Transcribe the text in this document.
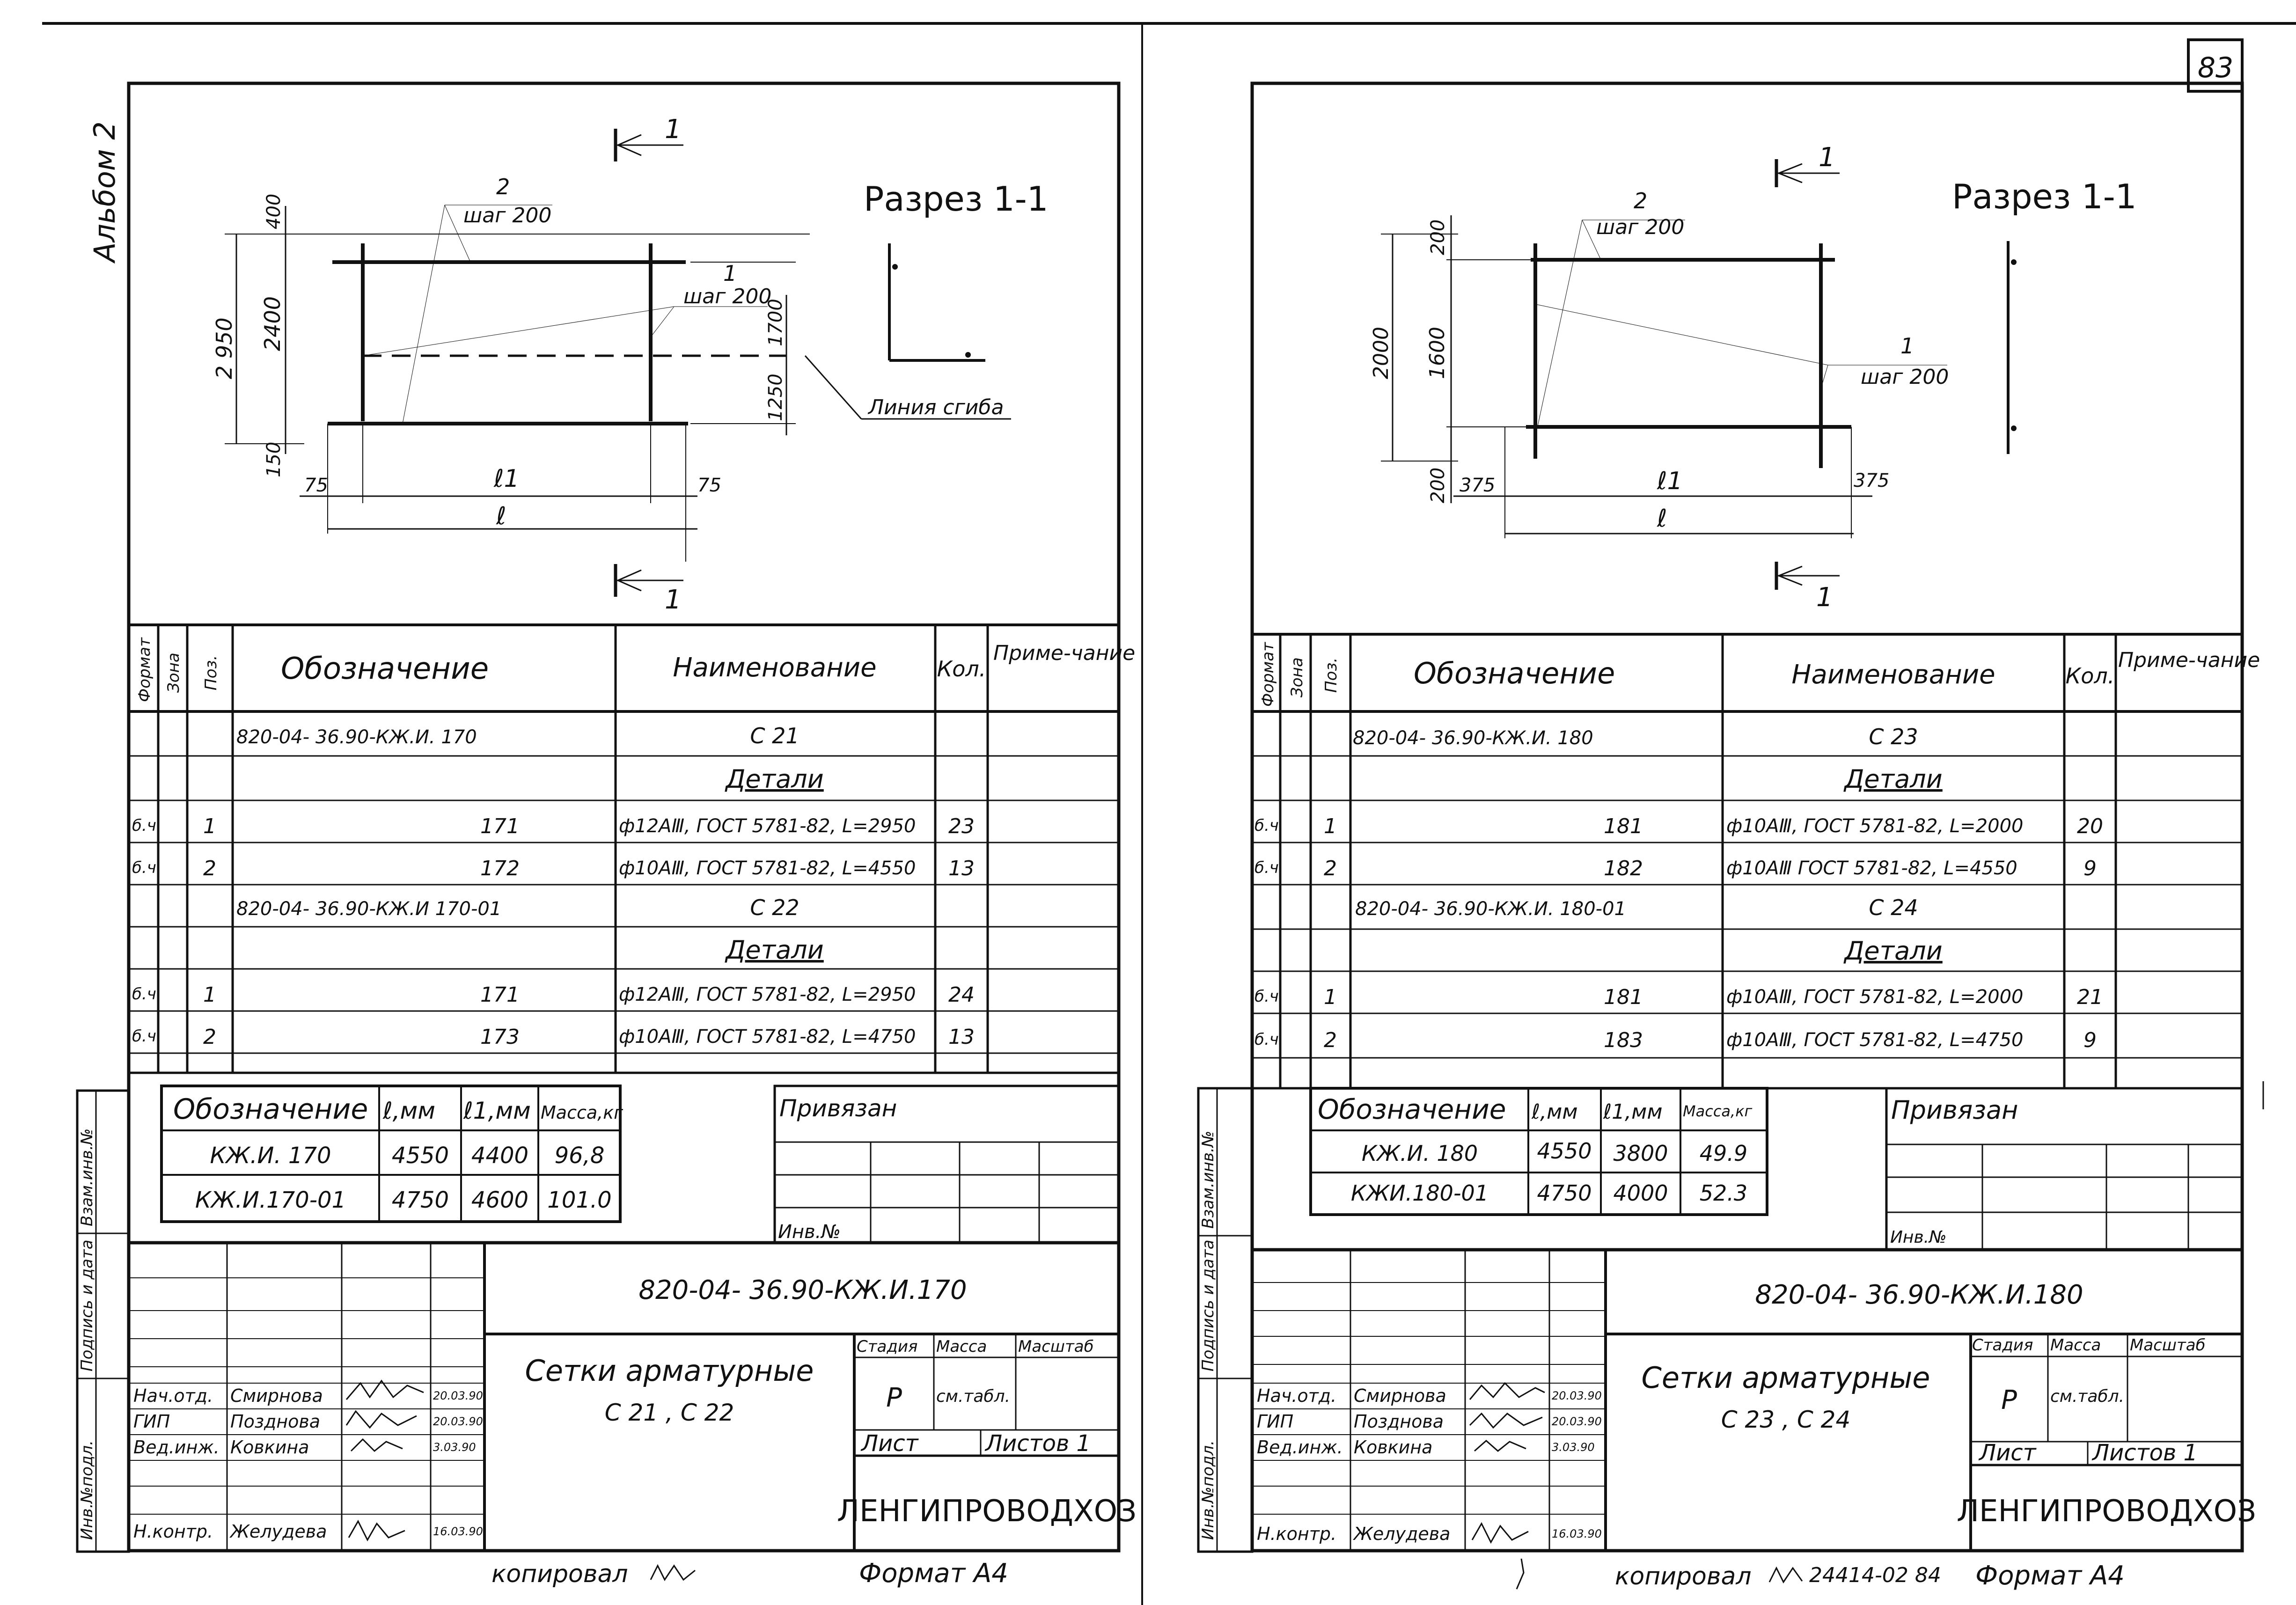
83
Альбом 2	Разрез 1-1
1
1
2
шаг 200
1
шаг 200
400
2400
150
2 950	1700
1250
75	75
ℓ1
ℓ
Линия сгиба
Формат Зона Поз. Обозначение	Наименование	Кол.
Приме-чание
820-04- 36.90-КЖ.И. 170	С 21
Детали
б.ч 1	171	ф12АⅢ, ГОСТ 5781-82, L=2950 23
б.ч 2	172	ф10АⅢ, ГОСТ 5781-82, L=4550 13
820-04- 36.90-КЖ.И 170-01	С 22
Детали
б.ч 1	171	ф12АⅢ, ГОСТ 5781-82, L=2950 24
б.ч 2	173	ф10АⅢ, ГОСТ 5781-82, L=4750 13
Обозначение ℓ,мм ℓ1,мм Масса,кг
КЖ.И. 170	4550 4400 96,8
КЖ.И.170-01 4750 4600 101.0
Привязан
Инв.№
Взам.инв.№
Подпись и дата
Инв.№подл.
820-04- 36.90-КЖ.И.170
Сетки арматурные
С 21 , С 22
Стадия Масса Масштаб
Р см.табл.
Лист	Листов 1
ЛЕНГИПРОВОДХОЗ
Нач.отд. Смирнова	20.03.90
ГИП	Позднова	20.03.90
Вед.инж. Ковкина	3.03.90
Н.контр. Желудева	16.03.90
копировал	Формат А4
Разрез 1-1
1
1
2
шаг 200
1
шаг 200
200
1600
200
2000
375	375
ℓ1
ℓ
Формат Зона Поз.	Обозначение	Наименование	Кол.
Приме-чание
820-04- 36.90-КЖ.И. 180	С 23
Детали
б.ч 1	181	ф10АⅢ, ГОСТ 5781-82, L=2000	20
б.ч 2	182	ф10АⅢ ГОСТ 5781-82, L=4550	9
820-04- 36.90-КЖ.И. 180-01	С 24
Детали
б.ч 1	181	ф10АⅢ, ГОСТ 5781-82, L=2000	21
б.ч 2	183	ф10АⅢ, ГОСТ 5781-82, L=4750	9
Обозначение ℓ,мм ℓ1,мм Масса,кг
КЖ.И. 180	4550 3800 49.9
КЖИ.180-01 4750 4000 52.3
Привязан
Инв.№
Взам.инв.№
Подпись и дата
Инв.№подл.
820-04- 36.90-КЖ.И.180
Сетки арматурные
С 23 , С 24
Стадия Масса Масштаб
Р см.табл.
Лист	Листов 1
ЛЕНГИПРОВОДХОЗ
Нач.отд. Смирнова	20.03.90
ГИП	Позднова	20.03.90
Вед.инж. Ковкина	3.03.90
Н.контр. Желудева	16.03.90
копировал	24414-02 84 Формат А4
